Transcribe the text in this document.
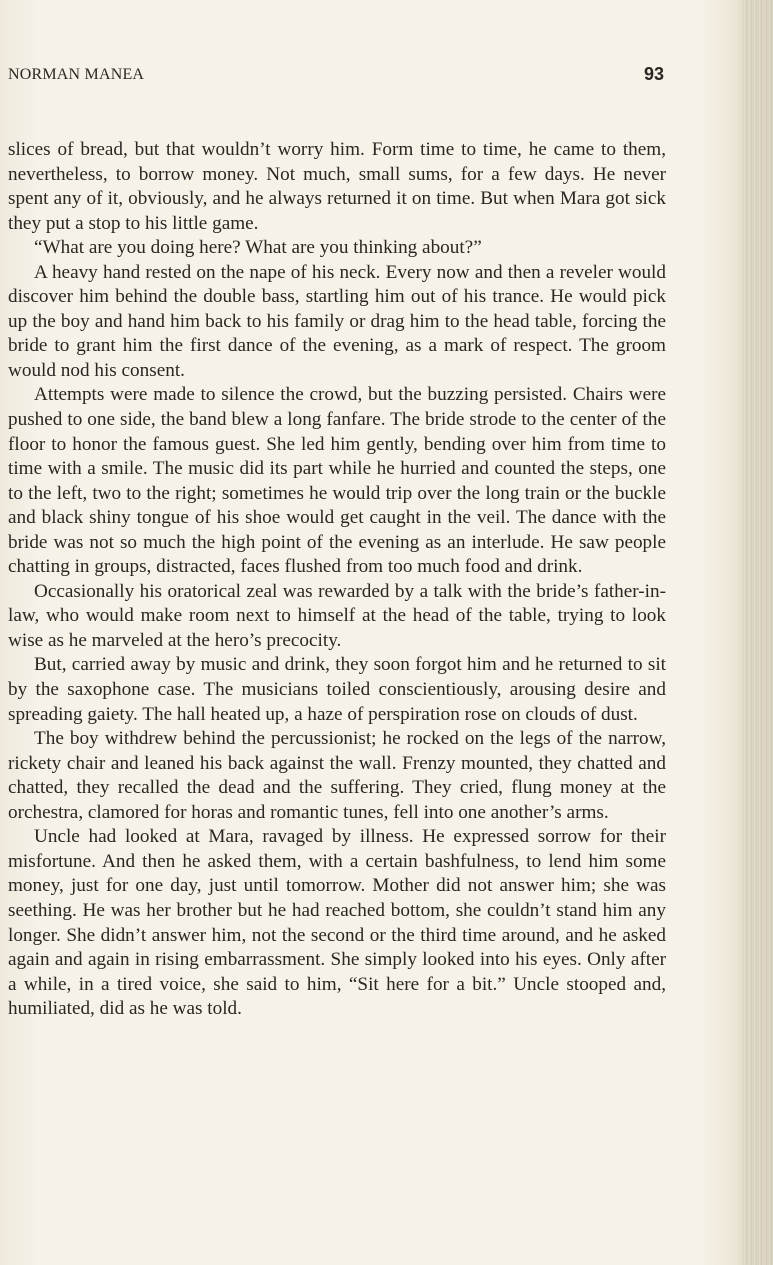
NORMAN MANEA	93

slices of bread, but that wouldn’t worry him. Form time to time, he came to them, nevertheless, to borrow money. Not much, small sums, for a few days. He never spent any of it, obviously, and he always returned it on time. But when Mara got sick they put a stop to his little game.

“What are you doing here? What are you thinking about?”

A heavy hand rested on the nape of his neck. Every now and then a reveler would discover him behind the double bass, startling him out of his trance. He would pick up the boy and hand him back to his family or drag him to the head table, forcing the bride to grant him the first dance of the evening, as a mark of respect. The groom would nod his consent.

Attempts were made to silence the crowd, but the buzzing persisted. Chairs were pushed to one side, the band blew a long fanfare. The bride strode to the center of the floor to honor the famous guest. She led him gently, bending over him from time to time with a smile. The music did its part while he hurried and counted the steps, one to the left, two to the right; sometimes he would trip over the long train or the buckle and black shiny tongue of his shoe would get caught in the veil. The dance with the bride was not so much the high point of the evening as an interlude. He saw people chatting in groups, distracted, faces flushed from too much food and drink.

Occasionally his oratorical zeal was rewarded by a talk with the bride’s father-in-law, who would make room next to himself at the head of the table, trying to look wise as he marveled at the hero’s precocity.

But, carried away by music and drink, they soon forgot him and he returned to sit by the saxophone case. The musicians toiled conscientiously, arousing desire and spreading gaiety. The hall heated up, a haze of perspiration rose on clouds of dust.

The boy withdrew behind the percussionist; he rocked on the legs of the narrow, rickety chair and leaned his back against the wall. Frenzy mounted, they chatted and chatted, they recalled the dead and the suffering. They cried, flung money at the orchestra, clamored for horas and romantic tunes, fell into one another’s arms.

Uncle had looked at Mara, ravaged by illness. He expressed sorrow for their misfortune. And then he asked them, with a certain bashfulness, to lend him some money, just for one day, just until tomorrow. Mother did not answer him; she was seething. He was her brother but he had reached bottom, she couldn’t stand him any longer. She didn’t answer him, not the second or the third time around, and he asked again and again in rising embarrassment. She simply looked into his eyes. Only after a while, in a tired voice, she said to him, “Sit here for a bit.” Uncle stooped and, humiliated, did as he was told.
